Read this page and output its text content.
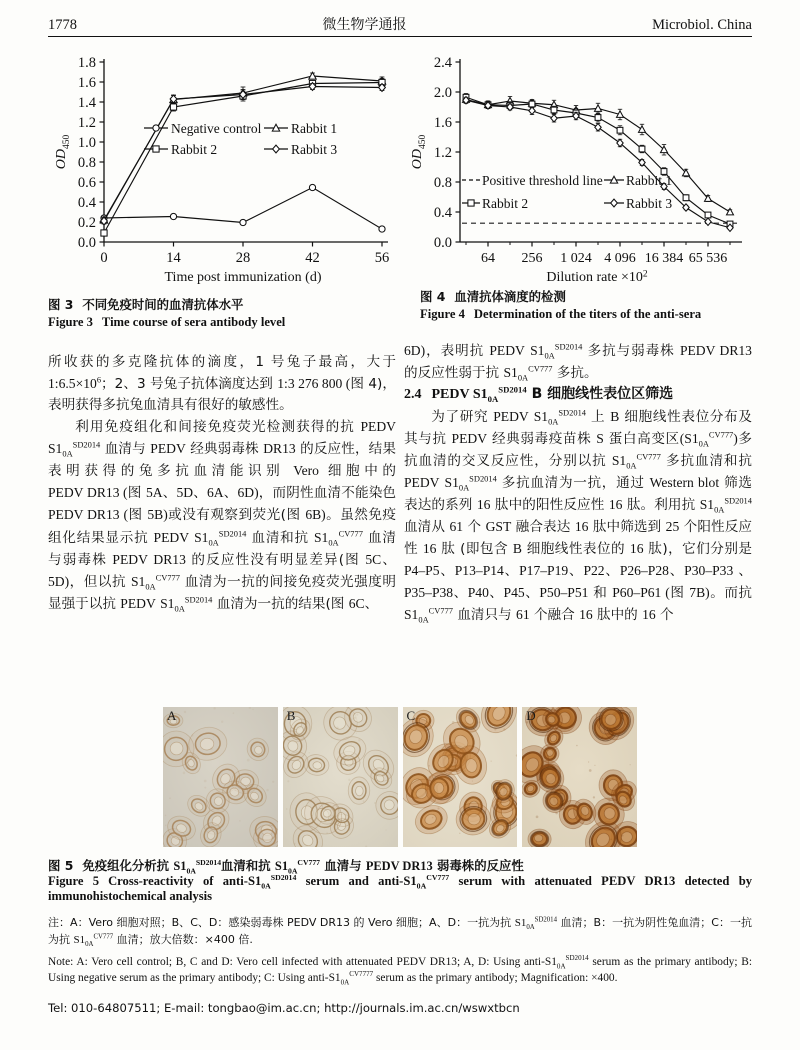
1778	微生物学通报	Microbiol. China
0.0
0.2
0.4
0.6
0.8
1.0
1.2
1.4
1.6
1.8
0	14	28	42	56
Time post immunization (d)
$OD_{450}$
Negative control Rabbit 1
Rabbit 2	Rabbit 3
0.0
0.4
0.8
1.2
1.6
2.0
2.4
64 256 1 024 4 096 16 384 65 536
Dilution rate $\times 10^2$
$OD_{450}$
Positive threshold line Rabbit 1
Rabbit 2	Rabbit 3
图 3 不同免疫时间的血清抗体水平
Figure 3 Time course of sera antibody level
图 4 血清抗体滴度的检测
Figure 4 Determination of the titers of the anti-sera

所收获的多克隆抗体的滴度，1 号兔子最高，大于 $1:6.5\times 10^6$；2、3 号兔子抗体滴度达到 1:3 276 800 (图 4)，表明获得多抗兔血清具有很好的敏感性。

利用免疫组化和间接免疫荧光检测获得的抗 PEDV $S1_{0A}^{SD2014}$ 血清与 PEDV 经典弱毒株 DR13 的反应性，结果表明获得的兔多抗血清能识别 Vero 细胞中的 PEDV DR13 (图 5A、5D、6A、6D)，而阴性血清不能染色 PEDV DR13 (图 5B)或没有观察到荧光(图 6B)。虽然免疫组化结果显示抗 PEDV $S1_{0A}^{SD2014}$ 血清和抗 $S1_{0A}^{CV777}$ 血清与弱毒株 PEDV DR13 的反应性没有明显差异(图 5C、5D)，但以抗 $S1_{0A}^{CV777}$ 血清为一抗的间接免疫荧光强度明显强于以抗 PEDV $S1_{0A}^{SD2014}$ 血清为一抗的结果(图 6C、

6D)，表明抗 PEDV $S1_{0A}^{SD2014}$ 多抗与弱毒株 PEDV DR13 的反应性弱于抗 $S1_{0A}^{CV777}$ 多抗。

2.4 PEDV $S1_{0A}^{SD2014}$ B 细胞线性表位区筛选

为了研究 PEDV $S1_{0A}^{SD2014}$ 上 B 细胞线性表位分布及其与抗 PEDV 经典弱毒疫苗株 S 蛋白高变区$(S1_{0A}^{CV777})$多抗血清的交叉反应性，分别以抗 $S1_{0A}^{CV777}$ 多抗血清和抗 PEDV $S1_{0A}^{SD2014}$ 多抗血清为一抗，通过 Western blot 筛选表达的系列 16 肽中的阳性反应性 16 肽。利用抗 $S1_{0A}^{SD2014}$ 血清从 61 个 GST 融合表达 16 肽中筛选到 25 个阳性反应性 16 肽 (即包含 B 细胞线性表位的 16 肽)，它们分别是 P4–P5、P13–P14、P17–P19、P22、P26–P28、P30–P33 、P35–P38、P40、P45、P50–P51 和 P60–P61 (图 7B)。而抗 $S1_{0A}^{CV777}$ 血清只与 61 个融合 16 肽中的 16 个

A	B	C	D
图 5 免疫组化分析抗 $S1_{0A}^{SD2014}$血清和抗 $S1_{0A}^{CV777}$ 血清与 PEDV DR13 弱毒株的反应性
Figure 5 Cross-reactivity of anti-$S1_{0A}^{SD2014}$ serum and anti-$S1_{0A}^{CV777}$ serum with attenuated PEDV DR13 detected by immunohistochemical analysis
注：A：Vero 细胞对照；B、C、D：感染弱毒株 PEDV DR13 的 Vero 细胞；A、D：一抗为抗 $S1_{0A}^{SD2014}$ 血清；B：一抗为阴性兔血清；C：一抗为抗 $S1_{0A}^{CV777}$ 血清；放大倍数：×400 倍.
Note: A: Vero cell control; B, C and D: Vero cell infected with attenuated PEDV DR13; A, D: Using anti-$S1_{0A}^{SD2014}$ serum as the primary antibody; B: Using negative serum as the primary antibody; C: Using anti-$S1_{0A}^{CV7777}$ serum as the primary antibody; Magnification: ×400.
Tel: 010-64807511; E-mail: tongbao@im.ac.cn; http://journals.im.ac.cn/wswxtbcn
